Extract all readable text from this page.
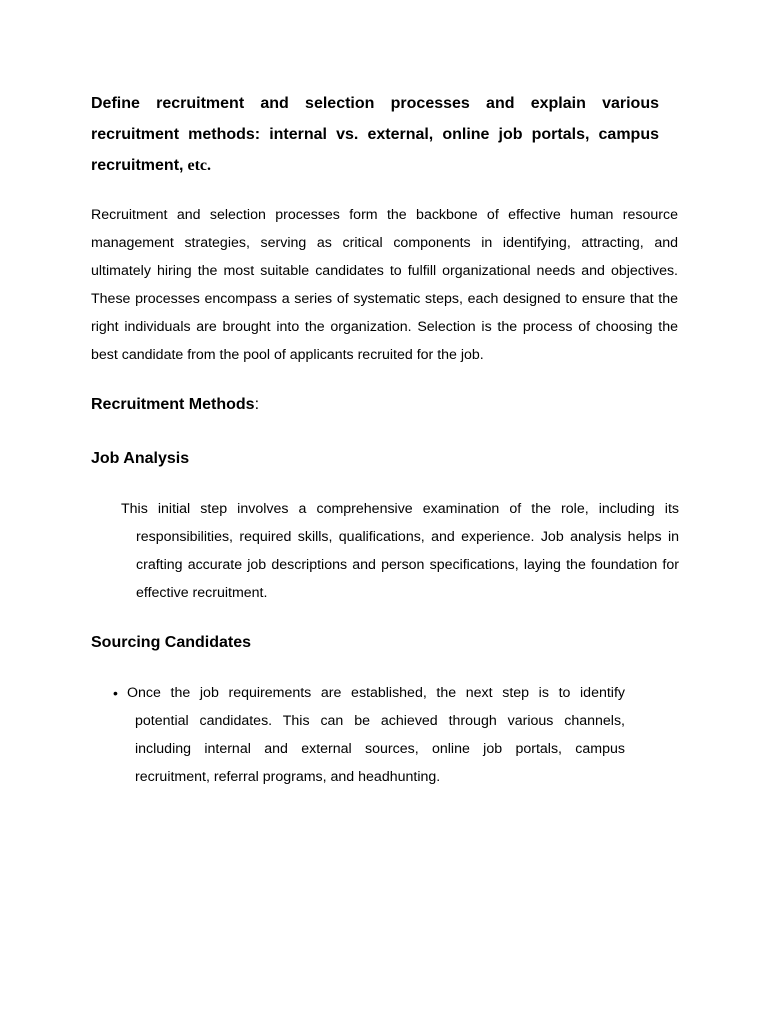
Define recruitment and selection processes and explain various recruitment methods: internal vs. external, online job portals, campus recruitment, etc.

Recruitment and selection processes form the backbone of effective human resource management strategies, serving as critical components in identifying, attracting, and ultimately hiring the most suitable candidates to fulfill organizational needs and objectives. These processes encompass a series of systematic steps, each designed to ensure that the right individuals are brought into the organization. Selection is the process of choosing the best candidate from the pool of applicants recruited for the job.

Recruitment Methods:
Job Analysis

This initial step involves a comprehensive examination of the role, including its
responsibilities, required skills, qualifications, and experience. Job analysis helps in crafting accurate job descriptions and person specifications, laying the foundation for effective recruitment.

Sourcing Candidates
• Once the job requirements are established, the next step is to identify
potential candidates. This can be achieved through various channels, including internal and external sources, online job portals, campus recruitment, referral programs, and headhunting.
